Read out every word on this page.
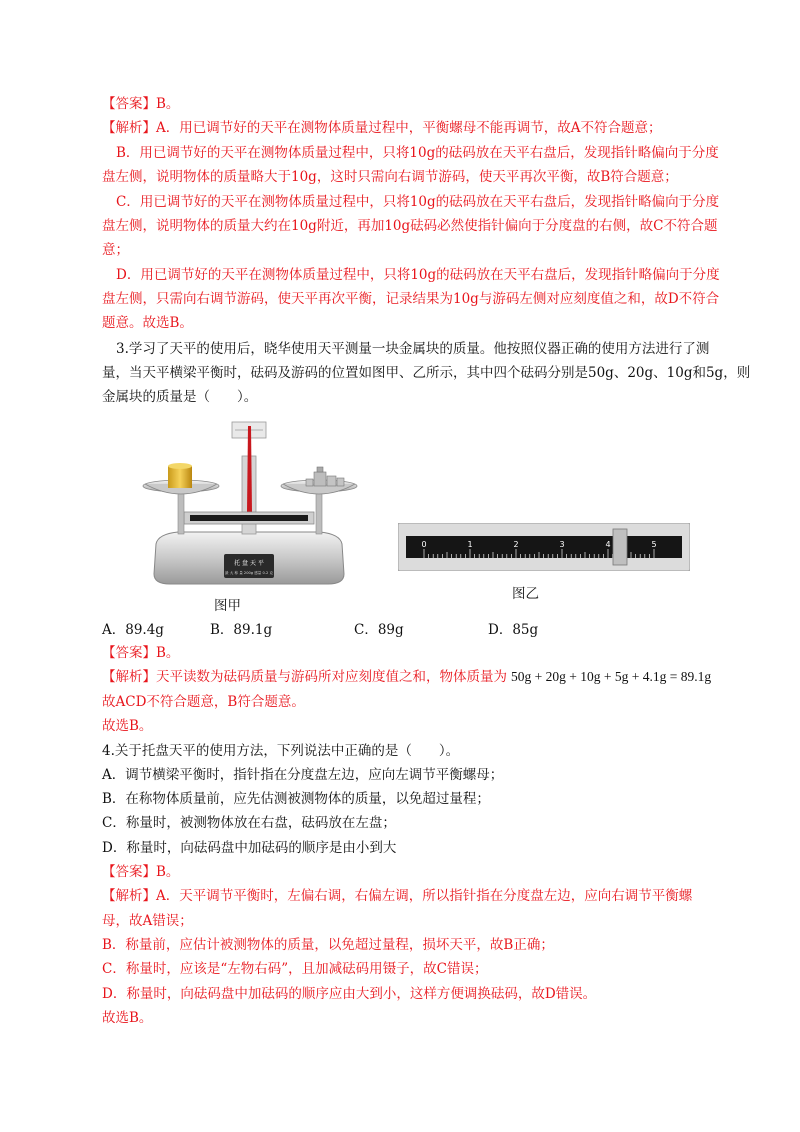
【答案】B。
【解析】A．用已调节好的天平在测物体质量过程中，平衡螺母不能再调节，故A不符合题意；
B．用已调节好的天平在测物体质量过程中，只将10g的砝码放在天平右盘后，发现指针略偏向于分度
盘左侧，说明物体的质量略大于10g，这时只需向右调节游码，使天平再次平衡，故B符合题意；
C．用已调节好的天平在测物体质量过程中，只将10g的砝码放在天平右盘后，发现指针略偏向于分度
盘左侧，说明物体的质量大约在10g附近，再加10g砝码必然使指针偏向于分度盘的右侧，故C不符合题
意；
D．用已调节好的天平在测物体质量过程中，只将10g的砝码放在天平右盘后，发现指针略偏向于分度
盘左侧，只需向右调节游码，使天平再次平衡，记录结果为10g与游码左侧对应刻度值之和，故D不符合
题意。故选B。
3.学习了天平的使用后，晓华使用天平测量一块金属块的质量。他按照仪器正确的使用方法进行了测
量，当天平横梁平衡时，砝码及游码的位置如图甲、乙所示，其中四个砝码分别是50g、20g、10g和5g，则
金属块的质量是（　　）。
托 盘 天 平
最 大 称 量 200g 感量 0.2 克
图甲
0	1	2	3	4	5
图乙
A．89.4g	B．89.1g	C．89g	D．85g
【答案】B。
【解析】天平读数为砝码质量与游码所对应刻度值之和，物体质量为 50g + 20g + 10g + 5g + 4.1g = 89.1g
故ACD不符合题意，B符合题意。
故选B。
4.关于托盘天平的使用方法，下列说法中正确的是（　　）。
A．调节横梁平衡时，指针指在分度盘左边，应向左调节平衡螺母；
B．在称物体质量前，应先估测被测物体的质量，以免超过量程；
C．称量时，被测物体放在右盘，砝码放在左盘；
D．称量时，向砝码盘中加砝码的顺序是由小到大
【答案】B。
【解析】A．天平调节平衡时，左偏右调，右偏左调，所以指针指在分度盘左边，应向右调节平衡螺
母，故A错误；
B．称量前，应估计被测物体的质量，以免超过量程，损坏天平，故B正确；
C．称量时，应该是“左物右码”，且加减砝码用镊子，故C错误；
D．称量时，向砝码盘中加砝码的顺序应由大到小，这样方便调换砝码，故D错误。
故选B。
